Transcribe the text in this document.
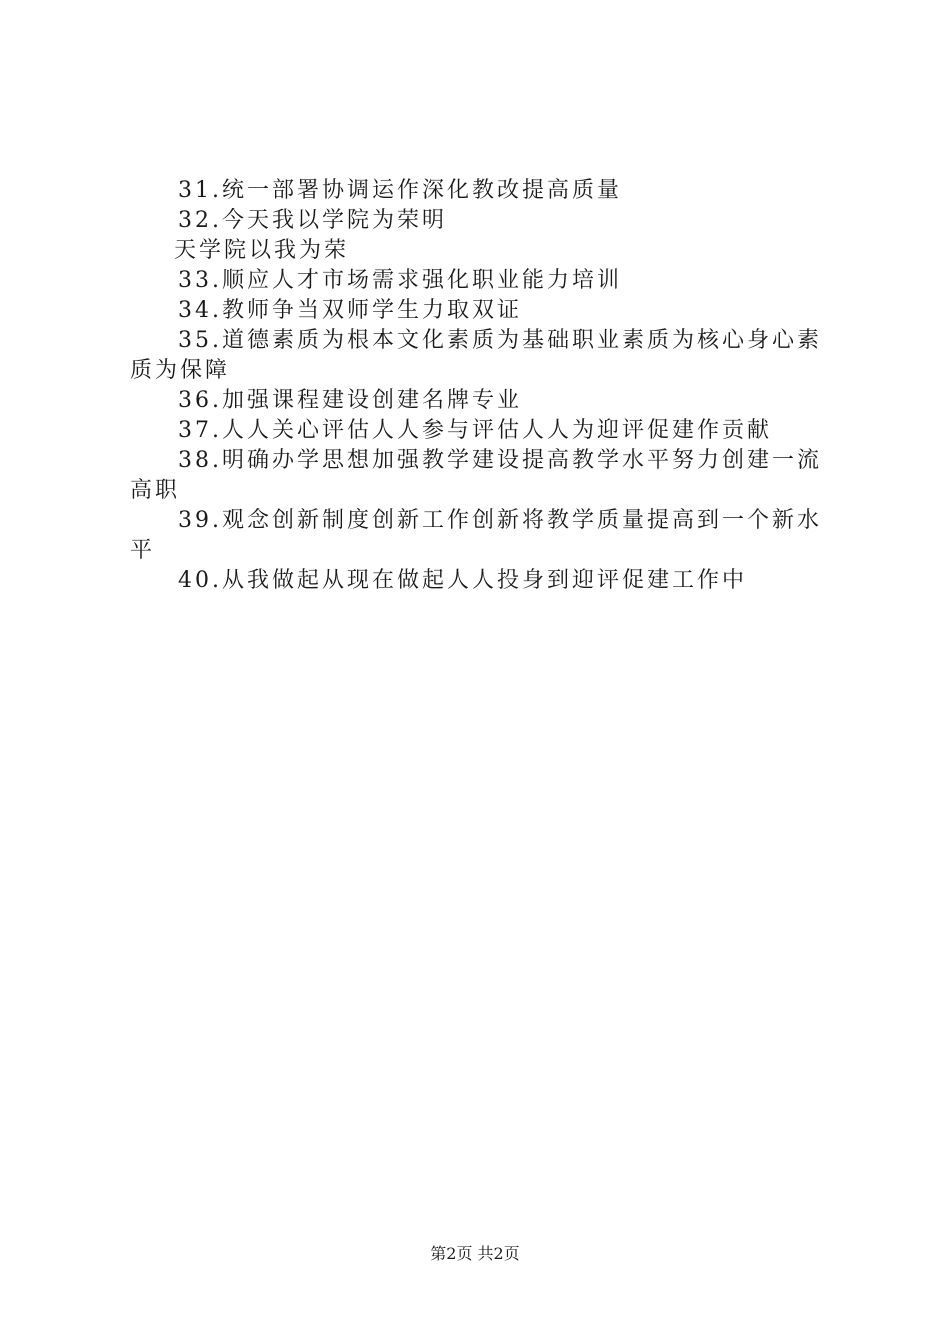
31.统一部署协调运作深化教改提高质量

32.今天我以学院为荣明

天学院以我为荣

33.顺应人才市场需求强化职业能力培训

34.教师争当双师学生力取双证

35.道德素质为根本文化素质为基础职业素质为核心身心素

质为保障

36.加强课程建设创建名牌专业

37.人人关心评估人人参与评估人人为迎评促建作贡献

38.明确办学思想加强教学建设提高教学水平努力创建一流

高职

39.观念创新制度创新工作创新将教学质量提高到一个新水

平

40.从我做起从现在做起人人投身到迎评促建工作中

第2页 共2页
